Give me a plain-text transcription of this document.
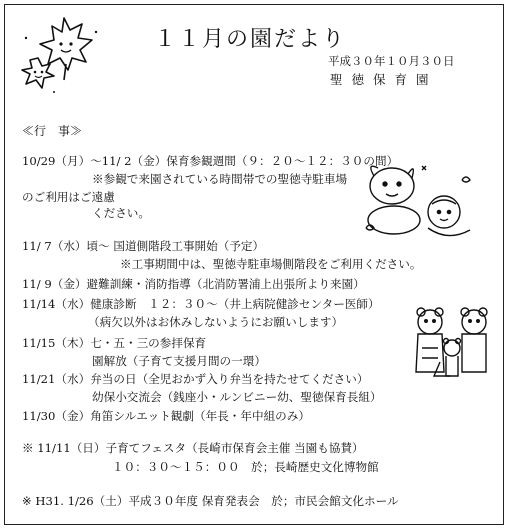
１１月の園だより
平成３０年１０月３０日
聖徳保育園
≪行　事≫
10/29（月）～11/ 2（金）保育参観週間（９：２０～１２：３０の間）
※参観で来園されている時間帯での聖徳寺駐車場
のご利用はご遠慮
ください。
11/ 7（水）頃～ 国道側階段工事開始（予定）
※工事期間中は、聖徳寺駐車場側階段をご利用ください。
11/ 9（金）避難訓練・消防指導（北消防署浦上出張所より来園）
11/14（水）健康診断　１２：３０～（井上病院健診センター医師）
（病欠以外はお休みしないようにお願いします）
11/15（木）七・五・三の参拝保育
園解放（子育て支援月間の一環）
11/21（水）弁当の日（全児おかず入り弁当を持たせてください）
幼保小交流会（銭座小・ルンビニー幼、聖徳保育長組）
11/30（金）角笛シルエット観劇（年長・年中組のみ）
※ 11/11（日）子育てフェスタ（長崎市保育会主催 当園も協賛）
１０：３０～１５：００　於；長崎歴史文化博物館
※ H31. 1/26（土）平成３０年度 保育発表会　於；市民会館文化ホール
